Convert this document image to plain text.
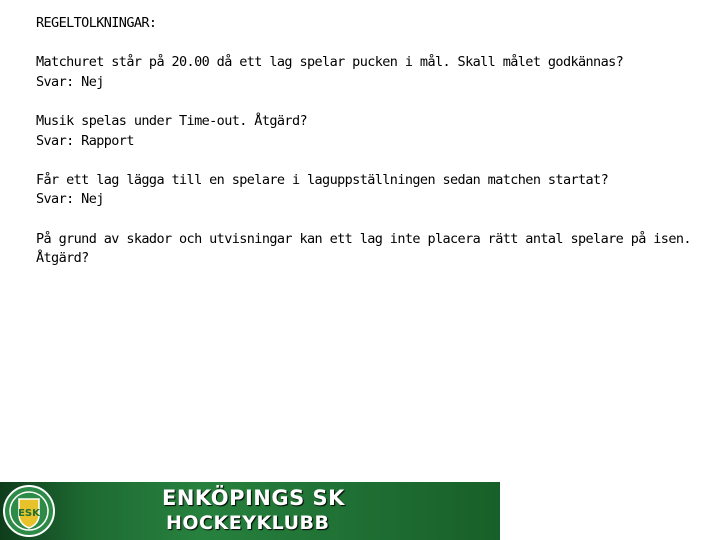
REGELTOLKNINGAR:

Matchuret står på 20.00 då ett lag spelar pucken i mål. Skall målet godkännas?

Svar: Nej

Musik spelas under Time-out. Åtgärd?

Svar: Rapport

Får ett lag lägga till en spelare i laguppställningen sedan matchen startat?

Svar: Nej

På grund av skador och utvisningar kan ett lag inte placera rätt antal spelare på isen.

Åtgärd?

ESK
ENKÖPINGS SK
HOCKEYKLUBB
